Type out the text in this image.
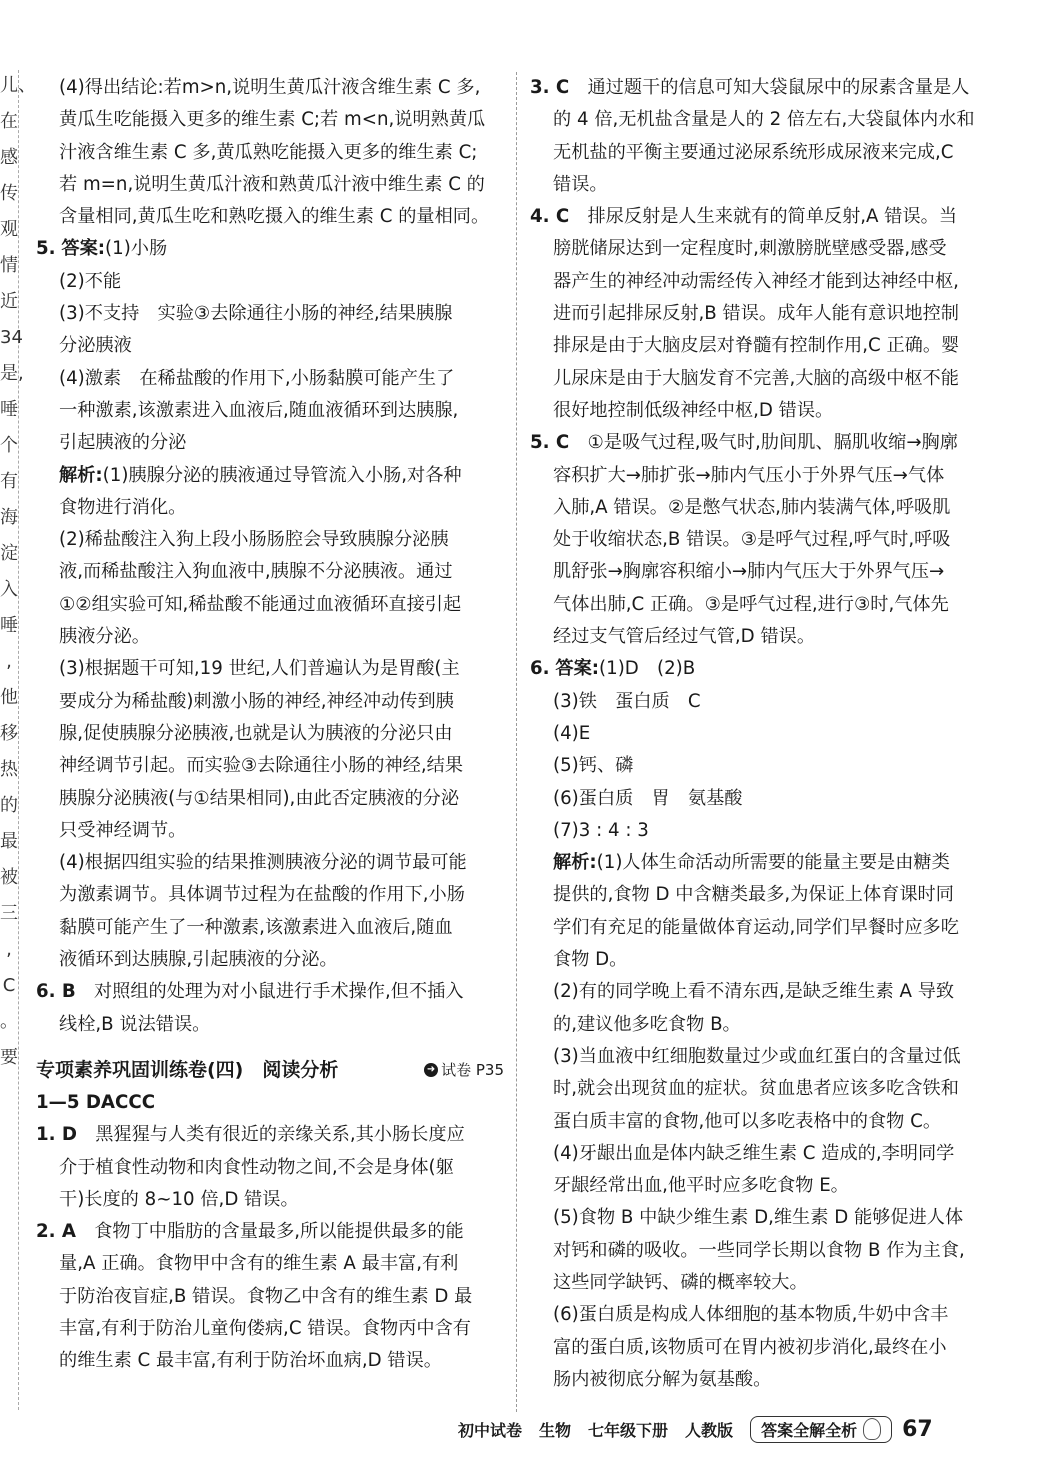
儿、
在
感
传
观
情
近
34
是,
唾
个
有
海
淀
入
唾
,
他
移
热
的
最
被
三
,
C
。
要

(4)得出结论:若m>n,说明生黄瓜汁液含维生素 C 多,

黄瓜生吃能摄入更多的维生素 C;若 m<n,说明熟黄瓜

汁液含维生素 C 多,黄瓜熟吃能摄入更多的维生素 C;

若 m=n,说明生黄瓜汁液和熟黄瓜汁液中维生素 C 的

含量相同,黄瓜生吃和熟吃摄入的维生素 C 的量相同。

5. 答案:(1)小肠

(2)不能

(3)不支持　实验③去除通往小肠的神经,结果胰腺

分泌胰液

(4)激素　在稀盐酸的作用下,小肠黏膜可能产生了

一种激素,该激素进入血液后,随血液循环到达胰腺,

引起胰液的分泌

解析:(1)胰腺分泌的胰液通过导管流入小肠,对各种

食物进行消化。

(2)稀盐酸注入狗上段小肠肠腔会导致胰腺分泌胰

液,而稀盐酸注入狗血液中,胰腺不分泌胰液。通过

①②组实验可知,稀盐酸不能通过血液循环直接引起

胰液分泌。

(3)根据题干可知,19 世纪,人们普遍认为是胃酸(主

要成分为稀盐酸)刺激小肠的神经,神经冲动传到胰

腺,促使胰腺分泌胰液,也就是认为胰液的分泌只由

神经调节引起。而实验③去除通往小肠的神经,结果

胰腺分泌胰液(与①结果相同),由此否定胰液的分泌

只受神经调节。

(4)根据四组实验的结果推测胰液分泌的调节最可能

为激素调节。具体调节过程为在盐酸的作用下,小肠

黏膜可能产生了一种激素,该激素进入血液后,随血

液循环到达胰腺,引起胰液的分泌。

6. B　 对照组的处理为对小鼠进行手术操作,但不插入

线栓,B 说法错误。

专项素养巩固训练卷(四)　阅读分析	➜ 试卷 P35

1—5 DACCC

1. D　 黑猩猩与人类有很近的亲缘关系,其小肠长度应

介于植食性动物和肉食性动物之间,不会是身体(躯

干)长度的 8~10 倍,D 错误。

2. A　 食物丁中脂肪的含量最多,所以能提供最多的能

量,A 正确。食物甲中含有的维生素 A 最丰富,有利

于防治夜盲症,B 错误。食物乙中含有的维生素 D 最

丰富,有利于防治儿童佝偻病,C 错误。食物丙中含有

的维生素 C 最丰富,有利于防治坏血病,D 错误。

3. C　 通过题干的信息可知大袋鼠尿中的尿素含量是人

的 4 倍,无机盐含量是人的 2 倍左右,大袋鼠体内水和

无机盐的平衡主要通过泌尿系统形成尿液来完成,C

错误。

4. C　 排尿反射是人生来就有的简单反射,A 错误。当

膀胱储尿达到一定程度时,刺激膀胱壁感受器,感受

器产生的神经冲动需经传入神经才能到达神经中枢,

进而引起排尿反射,B 错误。成年人能有意识地控制

排尿是由于大脑皮层对脊髓有控制作用,C 正确。婴

儿尿床是由于大脑发育不完善,大脑的高级中枢不能

很好地控制低级神经中枢,D 错误。

5. C　 ①是吸气过程,吸气时,肋间肌、膈肌收缩→胸廓

容积扩大→肺扩张→肺内气压小于外界气压→气体

入肺,A 错误。②是憋气状态,肺内装满气体,呼吸肌

处于收缩状态,B 错误。③是呼气过程,呼气时,呼吸

肌舒张→胸廓容积缩小→肺内气压大于外界气压→

气体出肺,C 正确。③是呼气过程,进行③时,气体先

经过支气管后经过气管,D 错误。

6. 答案:(1)D　(2)B

(3)铁　蛋白质　C

(4)E

(5)钙、磷

(6)蛋白质　胃　氨基酸

(7)3 : 4 : 3

解析:(1)人体生命活动所需要的能量主要是由糖类

提供的,食物 D 中含糖类最多,为保证上体育课时同

学们有充足的能量做体育运动,同学们早餐时应多吃

食物 D。

(2)有的同学晚上看不清东西,是缺乏维生素 A 导致

的,建议他多吃食物 B。

(3)当血液中红细胞数量过少或血红蛋白的含量过低

时,就会出现贫血的症状。贫血患者应该多吃含铁和

蛋白质丰富的食物,他可以多吃表格中的食物 C。

(4)牙龈出血是体内缺乏维生素 C 造成的,李明同学

牙龈经常出血,他平时应多吃食物 E。

(5)食物 B 中缺少维生素 D,维生素 D 能够促进人体

对钙和磷的吸收。一些同学长期以食物 B 作为主食,

这些同学缺钙、磷的概率较大。

(6)蛋白质是构成人体细胞的基本物质,牛奶中含丰

富的蛋白质,该物质可在胃内被初步消化,最终在小

肠内被彻底分解为氨基酸。

初中试卷 生物 七年级下册 人教版 答案全解全析 67
